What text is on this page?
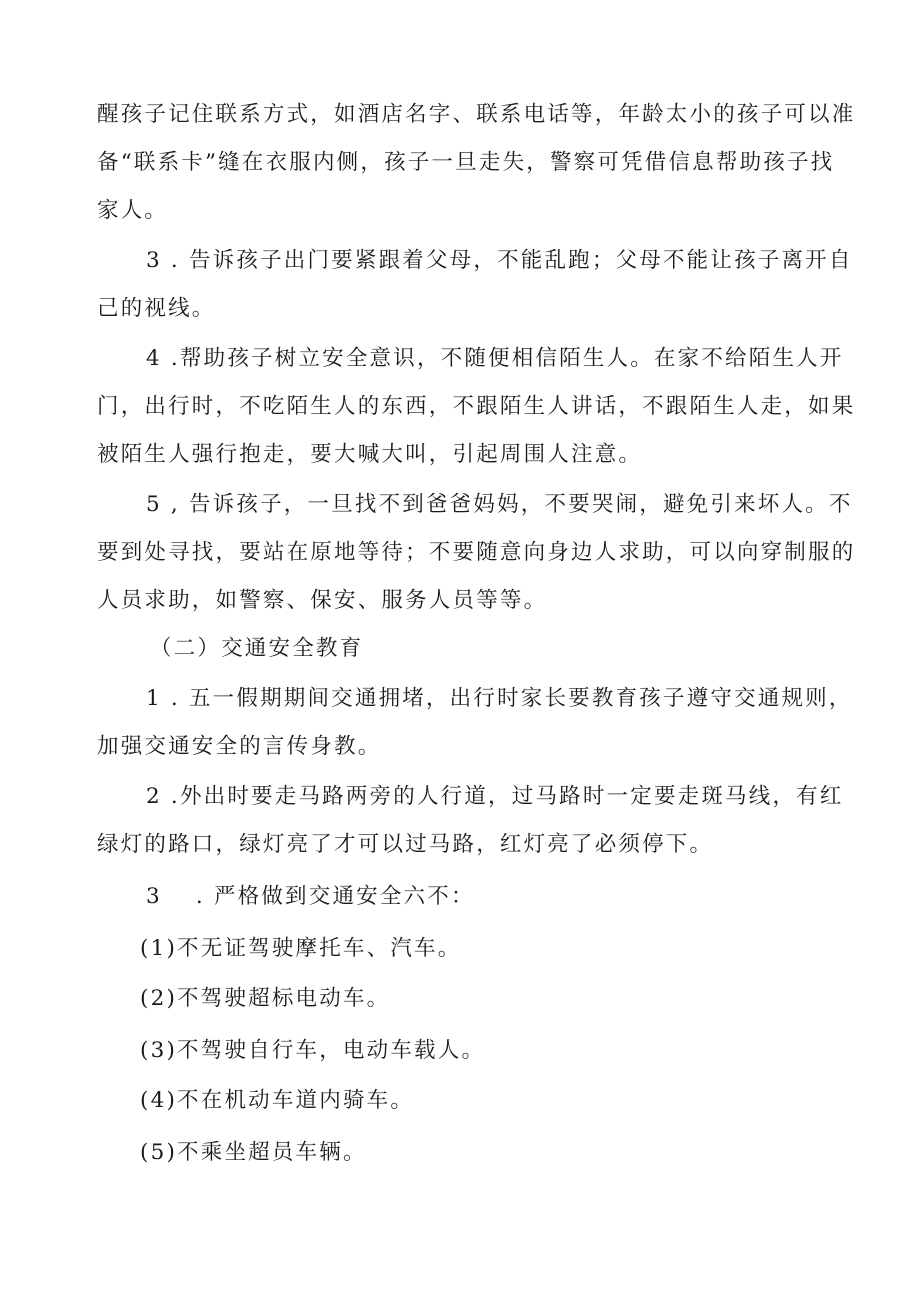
醒孩子记住联系方式，如酒店名字、联系电话等，年龄太小的孩子可以准
备“联系卡”缝在衣服内侧，孩子一旦走失，警察可凭借信息帮助孩子找
家人。
3 . 告诉孩子出门要紧跟着父母，不能乱跑；父母不能让孩子离开自
己的视线。
4 .帮助孩子树立安全意识，不随便相信陌生人。在家不给陌生人开
门，出行时，不吃陌生人的东西，不跟陌生人讲话，不跟陌生人走，如果
被陌生人强行抱走，要大喊大叫，引起周围人注意。
5 , 告诉孩子，一旦找不到爸爸妈妈，不要哭闹，避免引来坏人。不
要到处寻找，要站在原地等待；不要随意向身边人求助，可以向穿制服的
人员求助，如警察、保安、服务人员等等。
（二）交通安全教育
1 . 五一假期期间交通拥堵，出行时家长要教育孩子遵守交通规则，
加强交通安全的言传身教。
2 .外出时要走马路两旁的人行道，过马路时一定要走斑马线，有红
绿灯的路口，绿灯亮了才可以过马路，红灯亮了必须停下。
3 . 严格做到交通安全六不：
(1)不无证驾驶摩托车、汽车。
(2)不驾驶超标电动车。
(3)不驾驶自行车，电动车载人。
(4)不在机动车道内骑车。
(5)不乘坐超员车辆。
